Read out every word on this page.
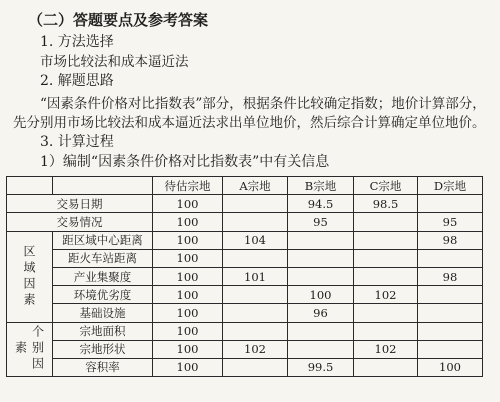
（二）答题要点及参考答案
1. 方法选择
市场比较法和成本逼近法
2. 解题思路
“因素条件价格对比指数表”部分，根据条件比较确定指数；地价计算部分，
先分别用市场比较法和成本逼近法求出单位地价，然后综合计算确定单位地价。
3. 计算过程
1）编制“因素条件价格对比指数表”中有关信息
		待估宗地	A宗地	B宗地	C宗地	D宗地
交易日期		100		94.5	98.5	
交易情况		100		95		95
区域因素	距区域中心距离	100	104			98
	距火车站距离	100				
	产业集聚度	100	101			98
	环境优劣度	100		100	102	
	基础设施	100		96		
个别因素	宗地面积	100				
	宗地形状	100	102		102	
	容积率	100		99.5		100
